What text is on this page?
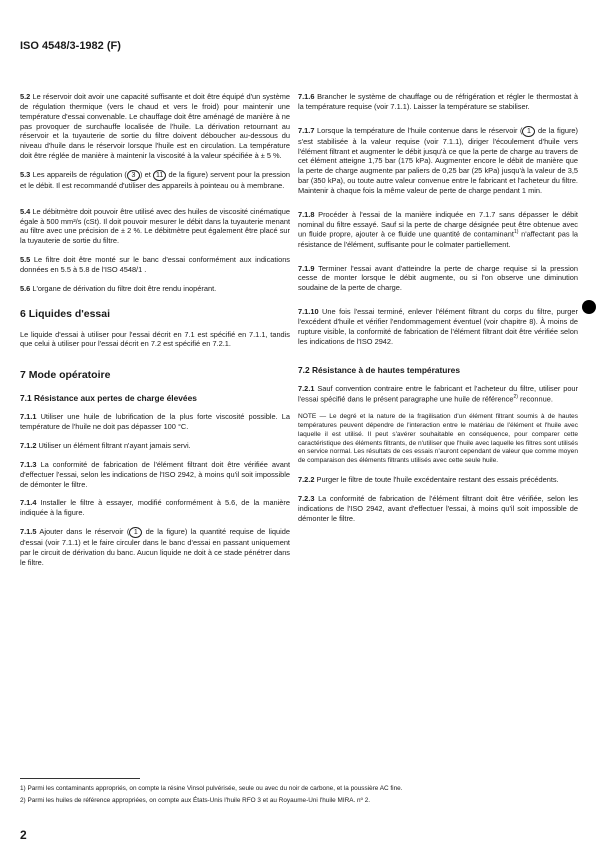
ISO 4548/3-1982 (F)

5.2 Le réservoir doit avoir une capacité suffisante et doit être équipé d'un système de régulation thermique (vers le chaud et vers le froid) pour maintenir une température d'essai convenable. Le chauffage doit être aménagé de manière à ne pas provoquer de surchauffe localisée de l'huile. La dérivation retournant au réservoir et la tuyauterie de sortie du filtre doivent déboucher au-dessous du niveau d'huile dans le réservoir lorsque l'huile est en circulation. La température doit être réglée de manière à maintenir la viscosité à la valeur spécifiée à ± 5 %.

5.3 Les appareils de régulation ( 3 ) et 11 de la figure) servent pour la pression et le débit. Il est recommandé d'utiliser des appareils à pointeau ou à membrane.

5.4 Le débitmètre doit pouvoir être utilisé avec des huiles de viscosité cinématique égale à 500 mm²/s (cSt). Il doit pouvoir mesurer le débit dans la tuyauterie menant au filtre avec une précision de ± 2 %. Le débitmètre peut également être placé sur la tuyauterie de sortie du filtre.

5.5 Le filtre doit être monté sur le banc d'essai conformément aux indications données en 5.5 à 5.8 de l'ISO 4548/1 .

5.6 L'organe de dérivation du filtre doit être rendu inopérant.

6 Liquides d'essai

Le liquide d'essai à utiliser pour l'essai décrit en 7.1 est spécifié en 7.1.1, tandis que celui à utiliser pour l'essai décrit en 7.2 est spécifié en 7.2.1.

7 Mode opératoire
7.1 Résistance aux pertes de charge élevées

7.1.1 Utiliser une huile de lubrification de la plus forte viscosité possible. La température de l'huile ne doit pas dépasser 100 °C.

7.1.2 Utiliser un élément filtrant n'ayant jamais servi.

7.1.3 La conformité de fabrication de l'élément filtrant doit être vérifiée avant d'effectuer l'essai, selon les indications de l'ISO 2942, à moins qu'il soit impossible de démonter le filtre.

7.1.4 Installer le filtre à essayer, modifié conformément à 5.6, de la manière indiquée à la figure.

7.1.5 Ajouter dans le réservoir ( 1 de la figure) la quantité requise de liquide d'essai (voir 7.1.1) et le faire circuler dans le banc d'essai en passant uniquement par le circuit de dérivation du banc. Aucun liquide ne doit à ce stade pénétrer dans le filtre.

7.1.6 Brancher le système de chauffage ou de réfrigération et régler le thermostat à la température requise (voir 7.1.1). Laisser la température se stabiliser.

7.1.7 Lorsque la température de l'huile contenue dans le réservoir ( 1 de la figure) s'est stabilisée à la valeur requise (voir 7.1.1), diriger l'écoulement d'huile vers l'élément filtrant et augmenter le débit jusqu'à ce que la perte de charge au travers de cet élément atteigne 1,75 bar (175 kPa). Augmenter encore le débit de manière que la perte de charge augmente par paliers de 0,25 bar (25 kPa) jusqu'à la valeur de 3,5 bar (350 kPa), ou toute autre valeur convenue entre le fabricant et l'acheteur du filtre. Maintenir à chaque fois la même valeur de perte de charge pendant 1 min.

7.1.8 Procéder à l'essai de la manière indiquée en 7.1.7 sans dépasser le débit nominal du filtre essayé. Sauf si la perte de charge désignée peut être obtenue avec un fluide propre, ajouter à ce fluide une quantité de contaminant$^{1)}$ n'affectant pas la résistance de l'élément, suffisante pour le colmater partiellement.

7.1.9 Terminer l'essai avant d'atteindre la perte de charge requise si la pression cesse de monter lorsque le débit augmente, ou si l'on observe une diminution soudaine de la perte de charge.

7.1.10 Une fois l'essai terminé, enlever l'élément filtrant du corps du filtre, purger l'excédent d'huile et vérifier l'endommagement éventuel (voir chapitre 8). À moins de rupture visible, la conformité de fabrication de l'élément filtrant doit être vérifiée selon les indications de l'ISO 2942.

7.2 Résistance à de hautes températures

7.2.1 Sauf convention contraire entre le fabricant et l'acheteur du filtre, utiliser pour l'essai spécifié dans le présent paragraphe une huile de référence$^{2)}$ reconnue.

NOTE — Le degré et la nature de la fragilisation d'un élément filtrant soumis à de hautes températures peuvent dépendre de l'interaction entre le matériau de l'élément et l'huile avec laquelle il est utilisé. Il peut s'avérer souhaitable en conséquence, pour comparer cette caractéristique des éléments filtrants, de n'utiliser que l'huile avec laquelle les filtres sont utilisés en service normal. Les résultats de ces essais n'auront cependant de valeur que comme moyen de comparaison des éléments filtrants utilisés avec cette seule huile.

7.2.2 Purger le filtre de toute l'huile excédentaire restant des essais précédents.

7.2.3 La conformité de fabrication de l'élément filtrant doit être vérifiée, selon les indications de l'ISO 2942, avant d'effectuer l'essai, à moins qu'il soit impossible de démonter le filtre.

1) Parmi les contaminants appropriés, on compte la résine Vinsol pulvérisée, seule ou avec du noir de carbone, et la poussière AC fine.
2) Parmi les huiles de référence appropriées, on compte aux États-Unis l'huile RFO 3 et au Royaume-Uni l'huile MIRA. nº 2.
2
